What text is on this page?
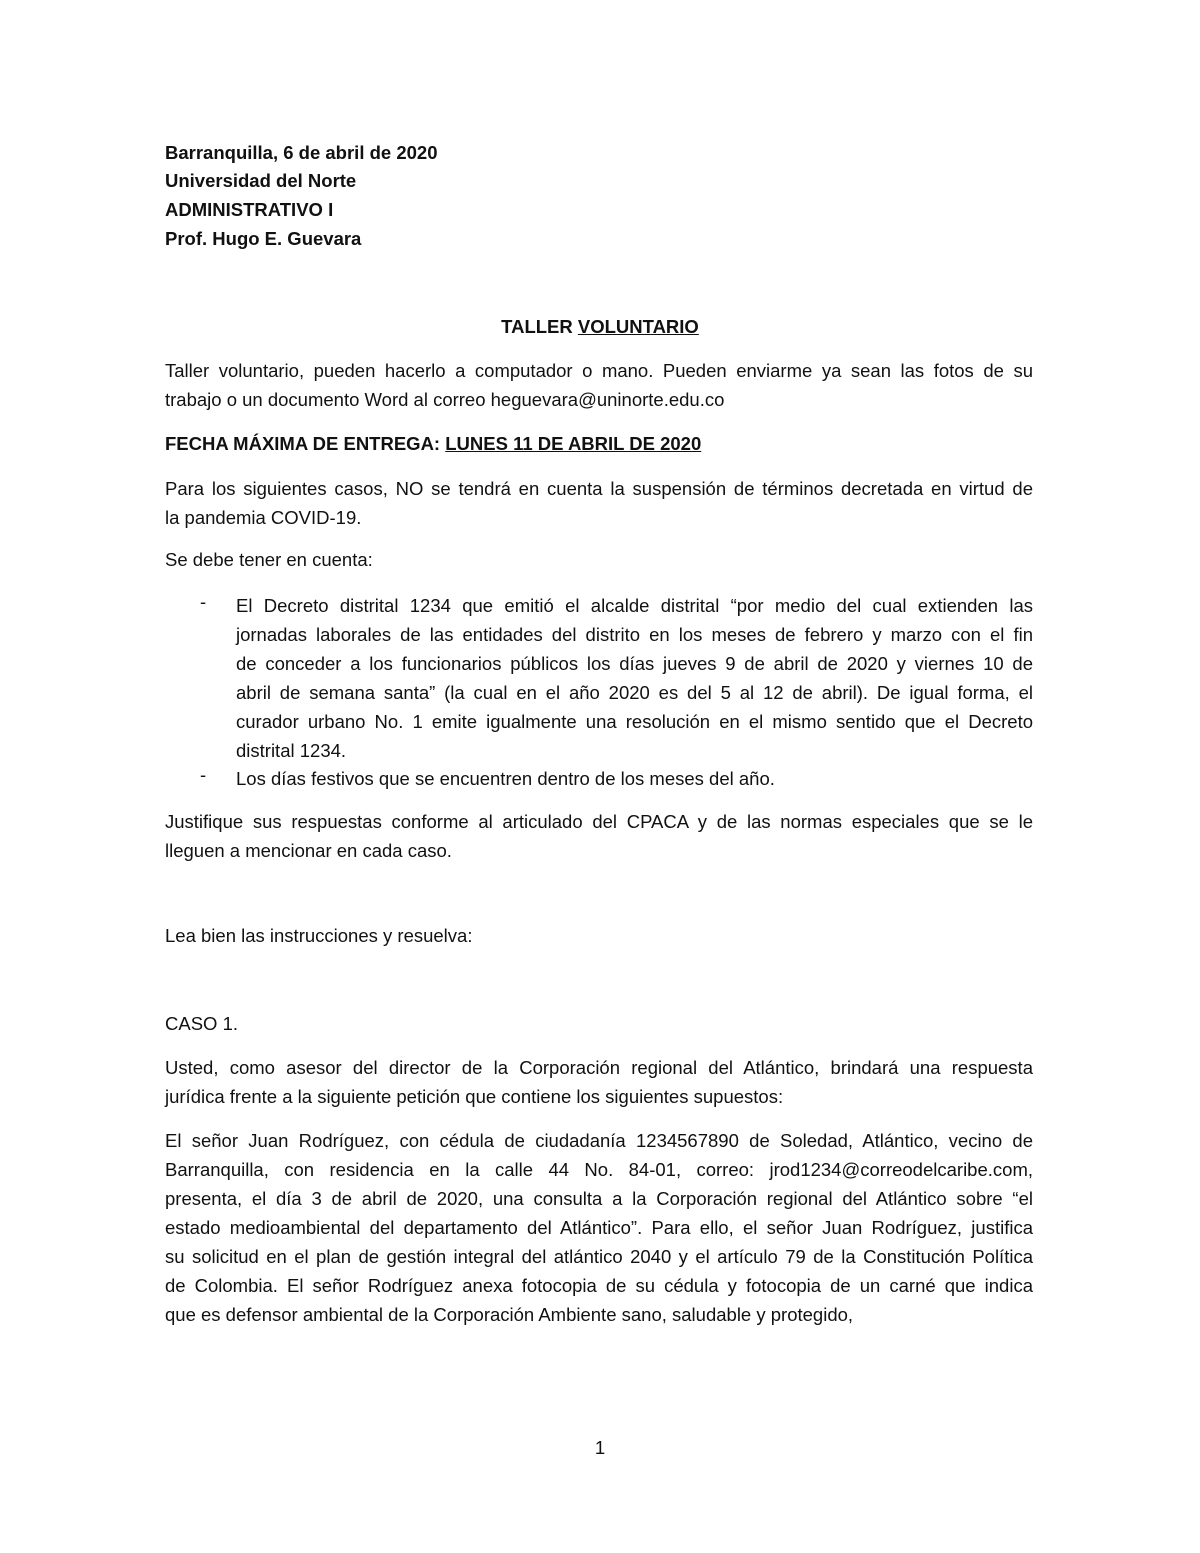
Barranquilla, 6 de abril de 2020
Universidad del Norte
ADMINISTRATIVO I
Prof. Hugo E. Guevara
TALLER VOLUNTARIO
Taller voluntario, pueden hacerlo a computador o mano. Pueden enviarme ya sean las fotos de su
trabajo o un documento Word al correo heguevara@uninorte.edu.co
FECHA MÁXIMA DE ENTREGA: LUNES 11 DE ABRIL DE 2020
Para los siguientes casos, NO se tendrá en cuenta la suspensión de términos decretada en virtud de
la pandemia COVID-19.
Se debe tener en cuenta:
- El Decreto distrital 1234 que emitió el alcalde distrital “por medio del cual extienden las
jornadas laborales de las entidades del distrito en los meses de febrero y marzo con el fin
de conceder a los funcionarios públicos los días jueves 9 de abril de 2020 y viernes 10 de
abril de semana santa” (la cual en el año 2020 es del 5 al 12 de abril). De igual forma, el
curador urbano No. 1 emite igualmente una resolución en el mismo sentido que el Decreto
distrital 1234.
- Los días festivos que se encuentren dentro de los meses del año.
Justifique sus respuestas conforme al articulado del CPACA y de las normas especiales que se le
lleguen a mencionar en cada caso.
Lea bien las instrucciones y resuelva:
CASO 1.
Usted, como asesor del director de la Corporación regional del Atlántico, brindará una respuesta
jurídica frente a la siguiente petición que contiene los siguientes supuestos:
El señor Juan Rodríguez, con cédula de ciudadanía 1234567890 de Soledad, Atlántico, vecino de
Barranquilla, con residencia en la calle 44 No. 84-01, correo: jrod1234@correodelcaribe.com,
presenta, el día 3 de abril de 2020, una consulta a la Corporación regional del Atlántico sobre “el
estado medioambiental del departamento del Atlántico”. Para ello, el señor Juan Rodríguez, justifica
su solicitud en el plan de gestión integral del atlántico 2040 y el artículo 79 de la Constitución Política
de Colombia. El señor Rodríguez anexa fotocopia de su cédula y fotocopia de un carné que indica
que es defensor ambiental de la Corporación Ambiente sano, saludable y protegido,
1
